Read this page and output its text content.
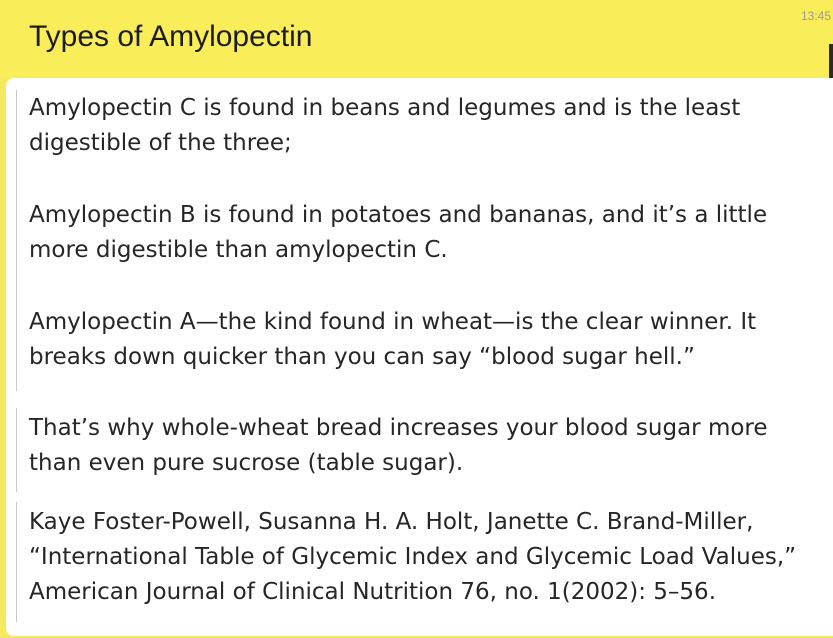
Types of Amylopectin
13:45
Amylopectin C is found in beans and legumes and is the least
digestible of the three;
Amylopectin B is found in potatoes and bananas, and it’s a little
more digestible than amylopectin C.
Amylopectin A—the kind found in wheat—is the clear winner. It
breaks down quicker than you can say “blood sugar hell.”
That’s why whole-wheat bread increases your blood sugar more
than even pure sucrose (table sugar).
Kaye Foster-Powell, Susanna H. A. Holt, Janette C. Brand-Miller,
“International Table of Glycemic Index and Glycemic Load Values,”
American Journal of Clinical Nutrition 76, no. 1(2002): 5–56.
